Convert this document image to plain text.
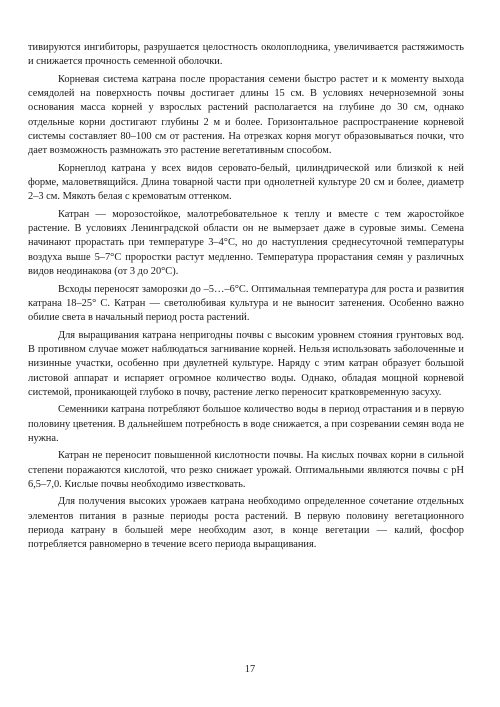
тивируются ингибиторы, разрушается целостность околоплодника, увеличивается растяжимость и снижается прочность семенной оболочки.

Корневая система катрана после прорастания семени быстро растет и к моменту выхода семядолей на поверхность почвы достигает длины 15 см. В условиях нечерноземной зоны основания масса корней у взрослых растений располагается на глубине до 30 см, однако отдельные корни достигают глубины 2 м и более. Горизонтальное распространение корневой системы составляет 80–100 см от растения. На отрезках корня могут образовываться почки, что дает возможность размножать это растение вегетативным способом.

Корнеплод катрана у всех видов серовато-белый, цилиндрической или близкой к ней форме, маловетвящийся. Длина товарной части при однолетней культуре 20 см и более, диаметр 2–3 см. Мякоть белая с кремоватым оттенком.

Катран — морозостойкое, малотребовательное к теплу и вместе с тем жаростойкое растение. В условиях Ленинградской области он не вымерзает даже в суровые зимы. Семена начинают прорастать при температуре 3–4°С, но до наступления среднесуточной температуры воздуха выше 5–7°С проростки растут медленно. Температура прорастания семян у различных видов неодинакова (от 3 до 20°С).

Всходы переносят заморозки до –5…–6°С. Оптимальная температура для роста и развития катрана 18–25° С. Катран — светолюбивая культура и не выносит затенения. Особенно важно обилие света в начальный период роста растений.

Для выращивания катрана непригодны почвы с высоким уровнем стояния грунтовых вод. В противном случае может наблюдаться загнивание корней. Нельзя использовать заболоченные и низинные участки, особенно при двулетней культуре. Наряду с этим катран образует большой листовой аппарат и испаряет огромное количество воды. Однако, обладая мощной корневой системой, проникающей глубоко в почву, растение легко переносит кратковременную засуху.

Семенники катрана потребляют большое количество воды в период отрастания и в первую половину цветения. В дальнейшем потребность в воде снижается, а при созревании семян вода не нужна.

Катран не переносит повышенной кислотности почвы. На кислых почвах корни в сильной степени поражаются кислотой, что резко снижает урожай. Оптимальными являются почвы с рН 6,5–7,0. Кислые почвы необходимо известковать.

Для получения высоких урожаев катрана необходимо определенное сочетание отдельных элементов питания в разные периоды роста растений. В первую половину вегетационного периода катрану в большей мере необходим азот, в конце вегетации — калий, фосфор потребляется равномерно в течение всего периода выращивания.

17
